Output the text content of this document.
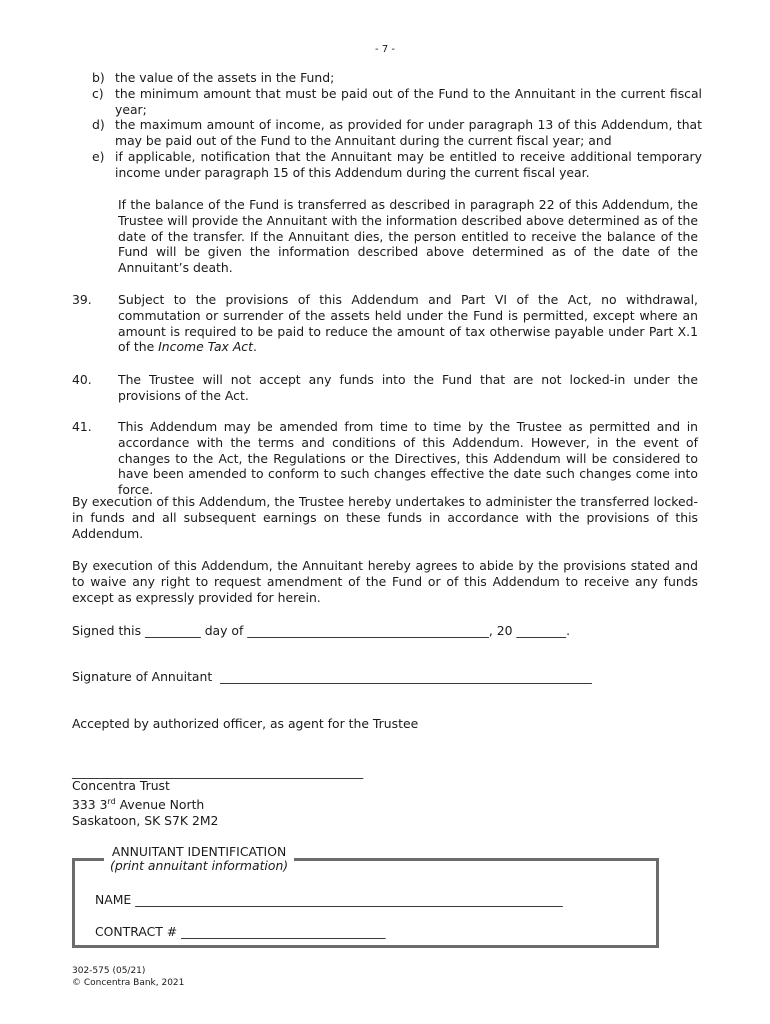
- 7 -
b) the value of the assets in the Fund;
c) the minimum amount that must be paid out of the Fund to the Annuitant in the current fiscal year;
d) the maximum amount of income, as provided for under paragraph 13 of this Addendum, that may be paid out of the Fund to the Annuitant during the current fiscal year; and
e) if applicable, notification that the Annuitant may be entitled to receive additional temporary income under paragraph 15 of this Addendum during the current fiscal year.
If the balance of the Fund is transferred as described in paragraph 22 of this Addendum, the Trustee will provide the Annuitant with the information described above determined as of the date of the transfer. If the Annuitant dies, the person entitled to receive the balance of the Fund will be given the information described above determined as of the date of the Annuitant’s death.
39. Subject to the provisions of this Addendum and Part VI of the Act, no withdrawal, commutation or surrender of the assets held under the Fund is permitted, except where an amount is required to be paid to reduce the amount of tax otherwise payable under Part X.1 of the Income Tax Act.
40. The Trustee will not accept any funds into the Fund that are not locked-in under the provisions of the Act.
41. This Addendum may be amended from time to time by the Trustee as permitted and in accordance with the terms and conditions of this Addendum. However, in the event of changes to the Act, the Regulations or the Directives, this Addendum will be considered to have been amended to conform to such changes effective the date such changes come into force.
By execution of this Addendum, the Trustee hereby undertakes to administer the transferred locked-in funds and all subsequent earnings on these funds in accordance with the provisions of this Addendum.
By execution of this Addendum, the Annuitant hereby agrees to abide by the provisions stated and to waive any right to request amendment of the Fund or of this Addendum to receive any funds except as expressly provided for herein.
Signed this _________ day of _______________________________________, 20 ________.
Signature of Annuitant  ____________________________________________________________
Accepted by authorized officer, as agent for the Trustee
_______________________________________________
Concentra Trust
333 3rd Avenue North
Saskatoon, SK S7K 2M2
ANNUITANT IDENTIFICATION
(print annuitant information)
NAME _____________________________________________________________________
CONTRACT # _________________________________
302-575 (05/21)
© Concentra Bank, 2021
